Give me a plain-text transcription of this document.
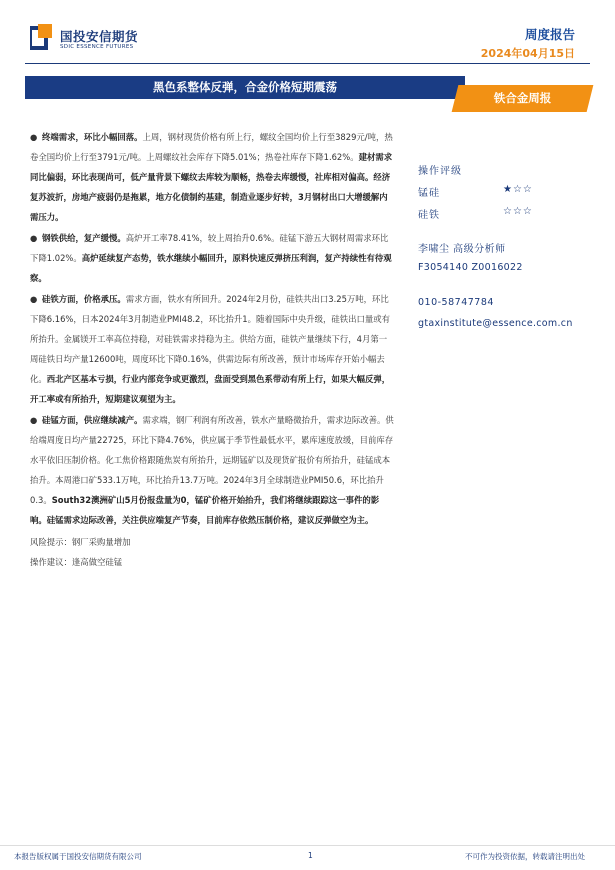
国投安信期货
SDIC ESSENCE FUTURES
周度报告
2024年04月15日
黑色系整体反弹，合金价格短期震荡
铁合金周报

● 终端需求，环比小幅回落。上周，钢材现货价格有所上行，螺纹全国均价上行至3829元/吨，热卷全国均价上行至3791元/吨。上周螺纹社会库存下降5.01%；热卷社库存下降1.62%。建材需求同比偏弱，环比表现尚可，低产量背景下螺纹去库较为顺畅，热卷去库缓慢，社库相对偏高。经济复苏波折，房地产疲弱仍是拖累，地方化债制约基建，制造业逐步好转，3月钢材出口大增缓解内需压力。

● 钢铁供给，复产缓慢。高炉开工率78.41%，较上周抬升0.6%。硅锰下游五大钢材周需求环比下降1.02%。高炉延续复产态势，铁水继续小幅回升，原料快速反弹挤压利润，复产持续性有待观察。

● 硅铁方面，价格承压。需求方面，铁水有所回升。2024年2月份，硅铁共出口3.25万吨，环比下降6.16%，日本2024年3月制造业PMI48.2，环比抬升1。随着国际中央升级，硅铁出口量或有所抬升。金属镁开工率高位持稳，对硅铁需求持稳为主。供给方面，硅铁产量继续下行，4月第一周硅铁日均产量12600吨，周度环比下降0.16%，供需边际有所改善，预计市场库存开始小幅去化。西北产区基本亏损，行业内部竞争或更激烈，盘面受到黑色系带动有所上行，如果大幅反弹，开工率或有所抬升，短期建议观望为主。

● 硅锰方面，供应继续减产。需求端，钢厂利润有所改善，铁水产量略微抬升，需求边际改善。供给端周度日均产量22725，环比下降4.76%，供应属于季节性最低水平，累库速度放缓，目前库存水平依旧压制价格。化工焦价格跟随焦炭有所抬升，远期锰矿以及现货矿报价有所抬升，硅锰成本抬升。本周港口矿533.1万吨，环比抬升13.7万吨。2024年3月全球制造业PMI50.6，环比抬升0.3。South32澳洲矿山5月份报盘量为0，锰矿价格开始抬升，我们将继续跟踪这一事件的影响。硅锰需求边际改善，关注供应端复产节奏，目前库存依然压制价格，建议反弹做空为主。

风险提示：钢厂采购量增加
操作建议：逢高做空硅锰
操作评级
锰硅	★☆☆
硅铁	☆☆☆
李啸尘 高级分析师
F3054140 Z0016022
010-58747784
gtaxinstitute@essence.com.cn
本报告版权属于国投安信期货有限公司	1	不可作为投资依据，转载请注明出处
